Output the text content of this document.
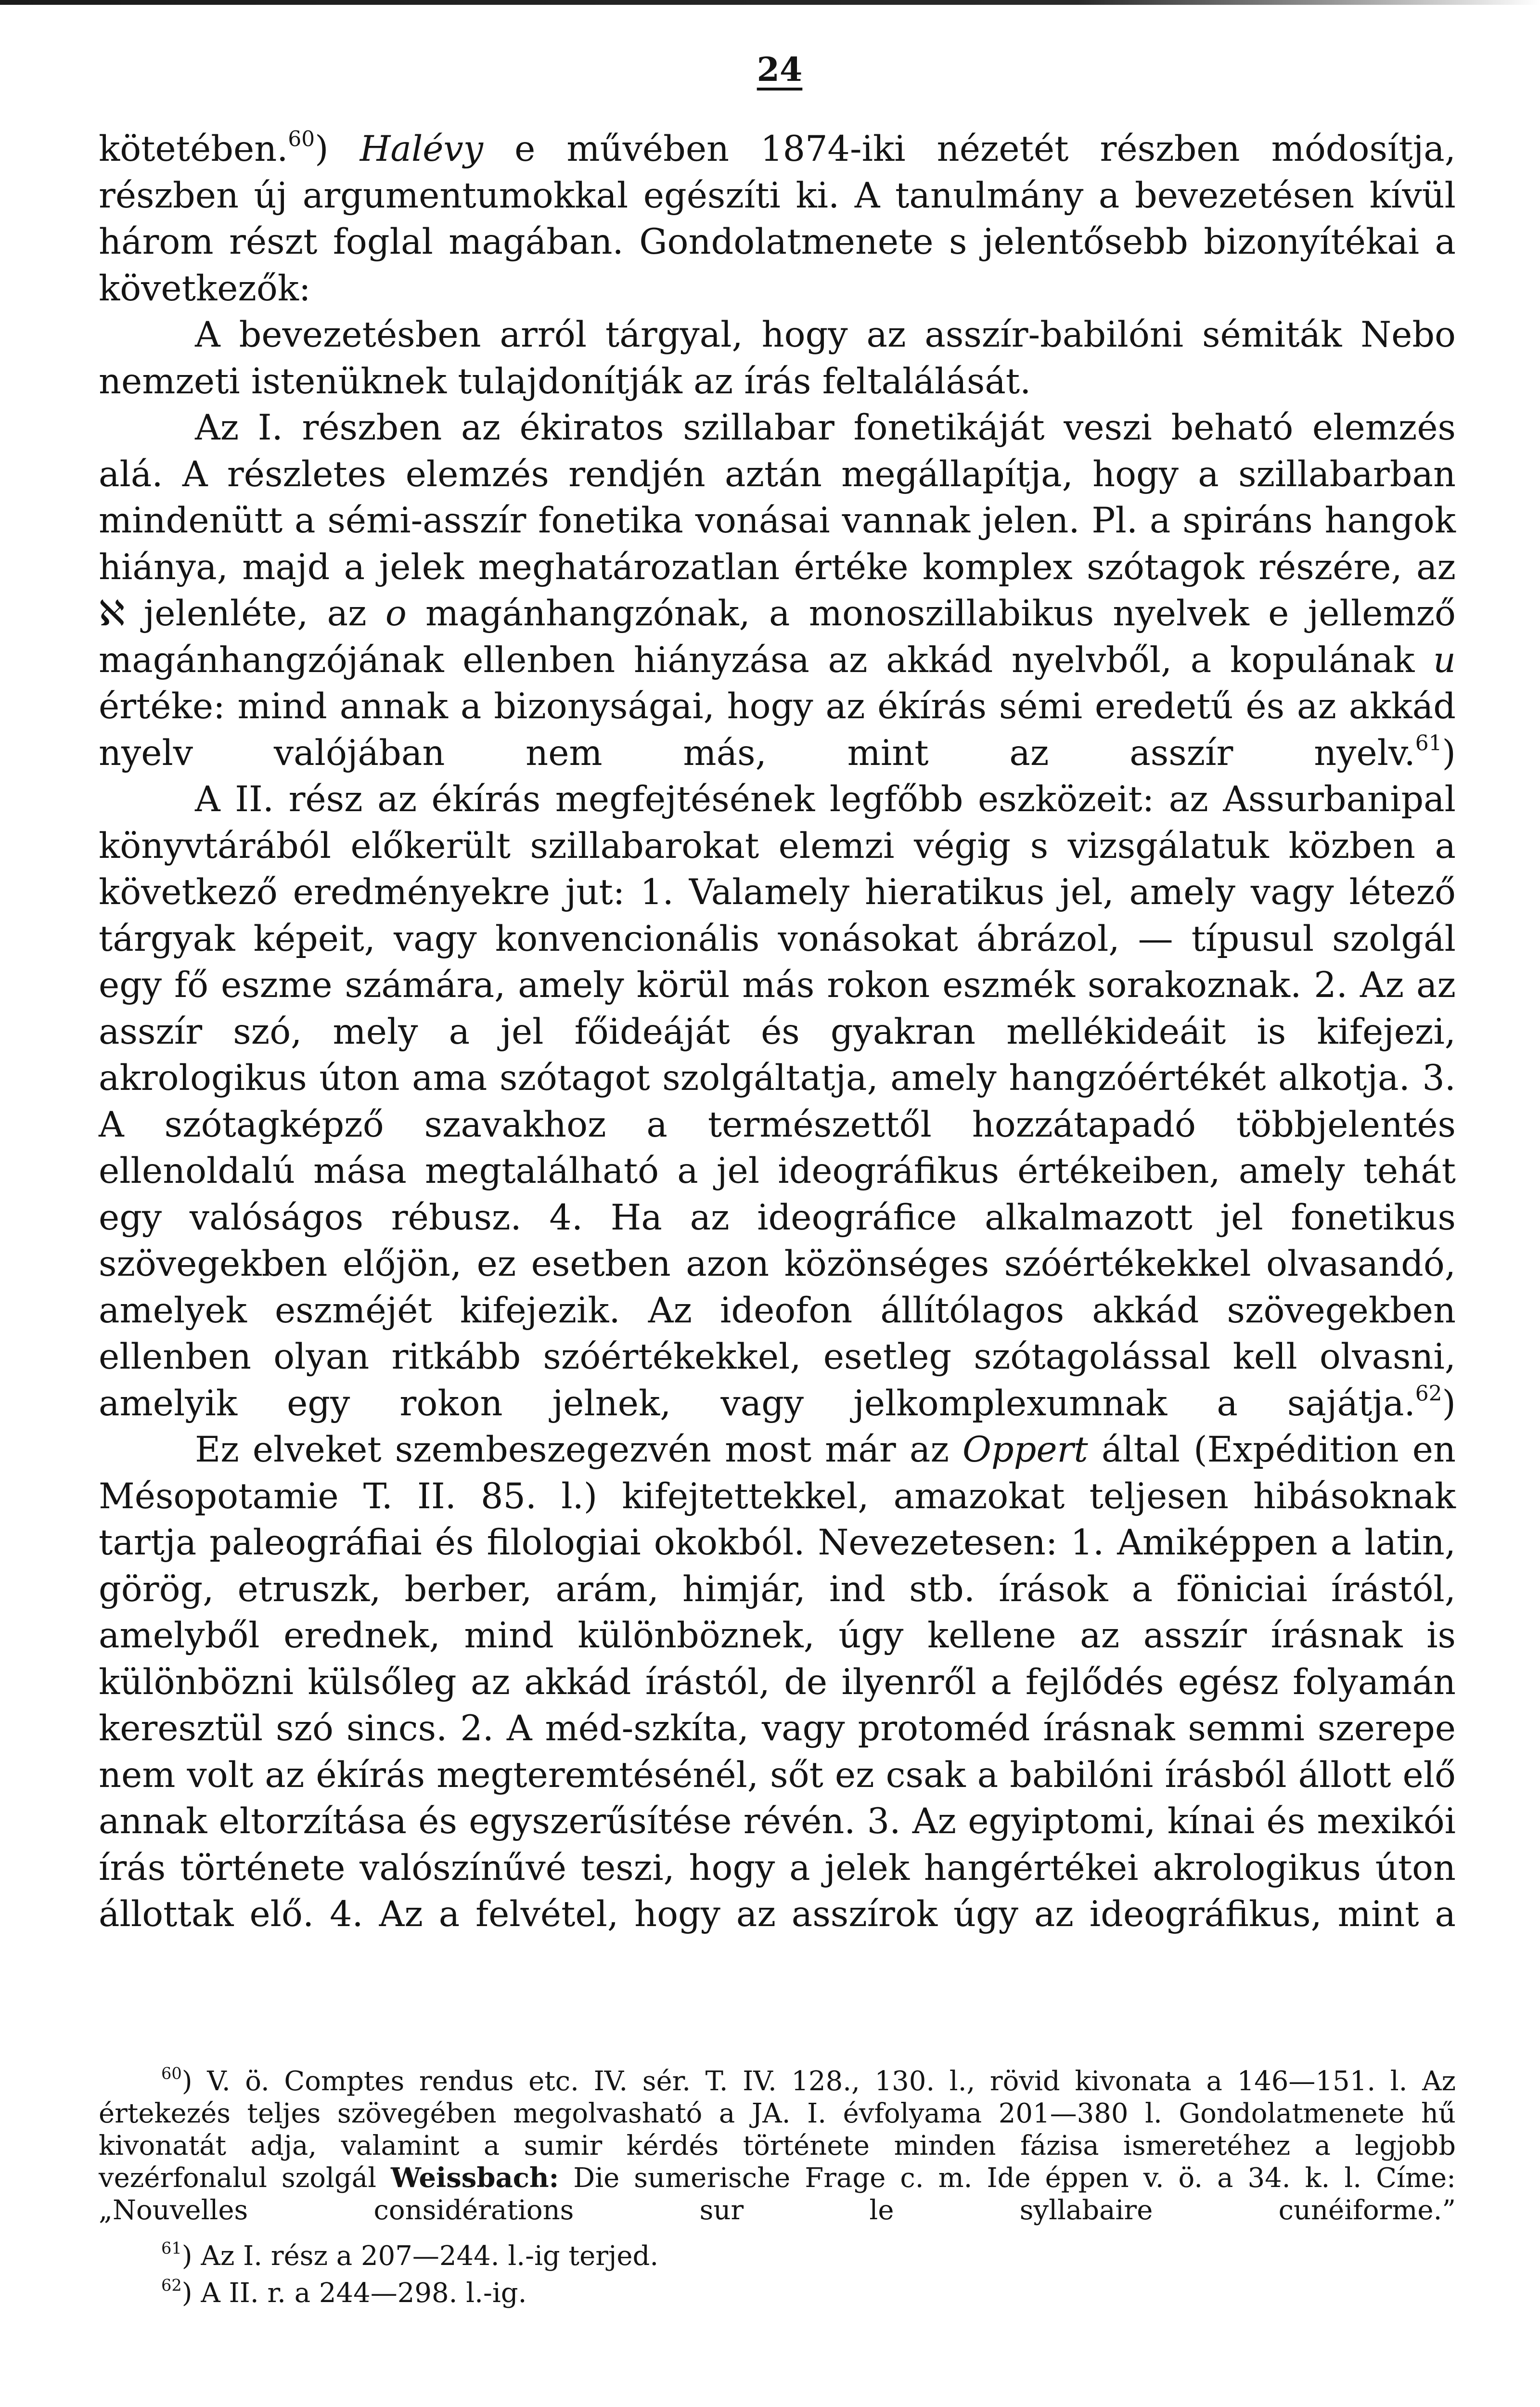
24

kötetében.$^{60}$) Halévy e művében 1874-iki nézetét részben módosítja, részben új argumentumokkal egészíti ki. A tanulmány a bevezetésen kívül három részt foglal magában. Gondolatmenete s jelentősebb bizonyítékai a következők:

A bevezetésben arról tárgyal, hogy az asszír-babilóni sémiták Nebo nemzeti istenüknek tulajdonítják az írás feltalálását.

Az I. részben az ékiratos szillabar fonetikáját veszi beható elemzés alá. A részletes elemzés rendjén aztán megállapítja, hogy a szillabarban mindenütt a sémi-asszír fonetika vonásai vannak jelen. Pl. a spiráns hangok hiánya, majd a jelek meghatározatlan értéke komplex szótagok részére, az ℵ jelenléte, az o magánhangzónak, a monoszillabikus nyelvek e jellemző magánhangzójának ellenben hiányzása az akkád nyelvből, a kopulának u értéke: mind annak a bizonyságai, hogy az ékírás sémi eredetű és az akkád nyelv valójában nem más, mint az asszír nyelv.$^{61}$)

A II. rész az ékírás megfejtésének legfőbb eszközeit: az Assurbanipal könyvtárából előkerült szillabarokat elemzi végig s vizsgálatuk közben a következő eredményekre jut: 1. Valamely hieratikus jel, amely vagy létező tárgyak képeit, vagy konvencionális vonásokat ábrázol, — típusul szolgál egy fő eszme számára, amely körül más rokon eszmék sorakoznak. 2. Az az asszír szó, mely a jel főideáját és gyakran mellékideáit is kifejezi, akrologikus úton ama szótagot szolgáltatja, amely hangzóértékét alkotja. 3. A szótagképző szavakhoz a természettől hozzátapadó többjelentés ellenoldalú mása megtalálható a jel ideográfikus értékeiben, amely tehát egy valóságos rébusz. 4. Ha az ideográfice alkalmazott jel fonetikus szövegekben előjön, ez esetben azon közönséges szóértékekkel olvasandó, amelyek eszméjét kifejezik. Az ideofon állítólagos akkád szövegekben ellenben olyan ritkább szóértékekkel, esetleg szótagolással kell olvasni, amelyik egy rokon jelnek, vagy jelkomplexumnak a sajátja.$^{62}$)

Ez elveket szembeszegezvén most már az Oppert által (Expédition en Mésopotamie T. II. 85. l.) kifejtettekkel, amazokat teljesen hibásoknak tartja paleográfiai és filologiai okokból. Nevezetesen: 1. Amiképpen a latin, görög, etruszk, berber, arám, himjár, ind stb. írások a föniciai írástól, amelyből erednek, mind különböznek, úgy kellene az asszír írásnak is különbözni külsőleg az akkád írástól, de ilyenről a fejlődés egész folyamán keresztül szó sincs. 2. A méd-szkíta, vagy protoméd írásnak semmi szerepe nem volt az ékírás megteremtésénél, sőt ez csak a babilóni írásból állott elő annak eltorzítása és egyszerűsítése révén. 3. Az egyiptomi, kínai és mexikói írás története valószínűvé teszi, hogy a jelek hangértékei akrologikus úton állottak elő. 4. Az a felvétel, hogy az asszírok úgy az ideográfikus, mint a

$^{60}$) V. ö. Comptes rendus etc. IV. sér. T. IV. 128., 130. l., rövid kivonata a 146—151. l. Az értekezés teljes szövegében megolvasható a JA. I. évfolyama 201—380 l. Gondolatmenete hű kivonatát adja, valamint a sumir kérdés története minden fázisa ismeretéhez a legjobb vezérfonalul szolgál Weissbach: Die sumerische Frage c. m. Ide éppen v. ö. a 34. k. l. Címe: „Nouvelles considérations sur le syllabaire cunéiforme.”

$^{61}$) Az I. rész a 207—244. l.-ig terjed.

$^{62}$) A II. r. a 244—298. l.-ig.
